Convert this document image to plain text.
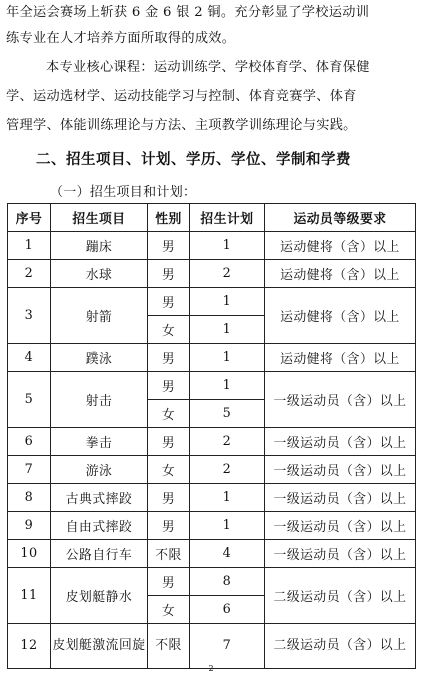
年全运会赛场上斩获 6 金 6 银 2 铜。充分彰显了学校运动训
练专业在人才培养方面所取得的成效。
本专业核心课程：运动训练学、学校体育学、体育保健
学、运动选材学、运动技能学习与控制、体育竞赛学、体育
管理学、体能训练理论与方法、主项教学训练理论与实践。
二、招生项目、计划、学历、学位、学制和学费
（一）招生项目和计划：
序号	招生项目	性别	招生计划	运动员等级要求
1	蹦床	男	1	运动健将（含）以上
2	水球	男	2	运动健将（含）以上
3	射箭	男	1	运动健将（含）以上
		女	1	
4	蹼泳	男	1	运动健将（含）以上
5	射击	男	1	一级运动员（含）以上
		女	5	
6	拳击	男	2	一级运动员（含）以上
7	游泳	女	2	一级运动员（含）以上
8	古典式摔跤	男	1	一级运动员（含）以上
9	自由式摔跤	男	1	一级运动员（含）以上
10	公路自行车	不限	4	一级运动员（含）以上
11	皮划艇静水	男	8	二级运动员（含）以上
		女	6	
12	皮划艇激流回旋	不限	7	二级运动员（含）以上
2
